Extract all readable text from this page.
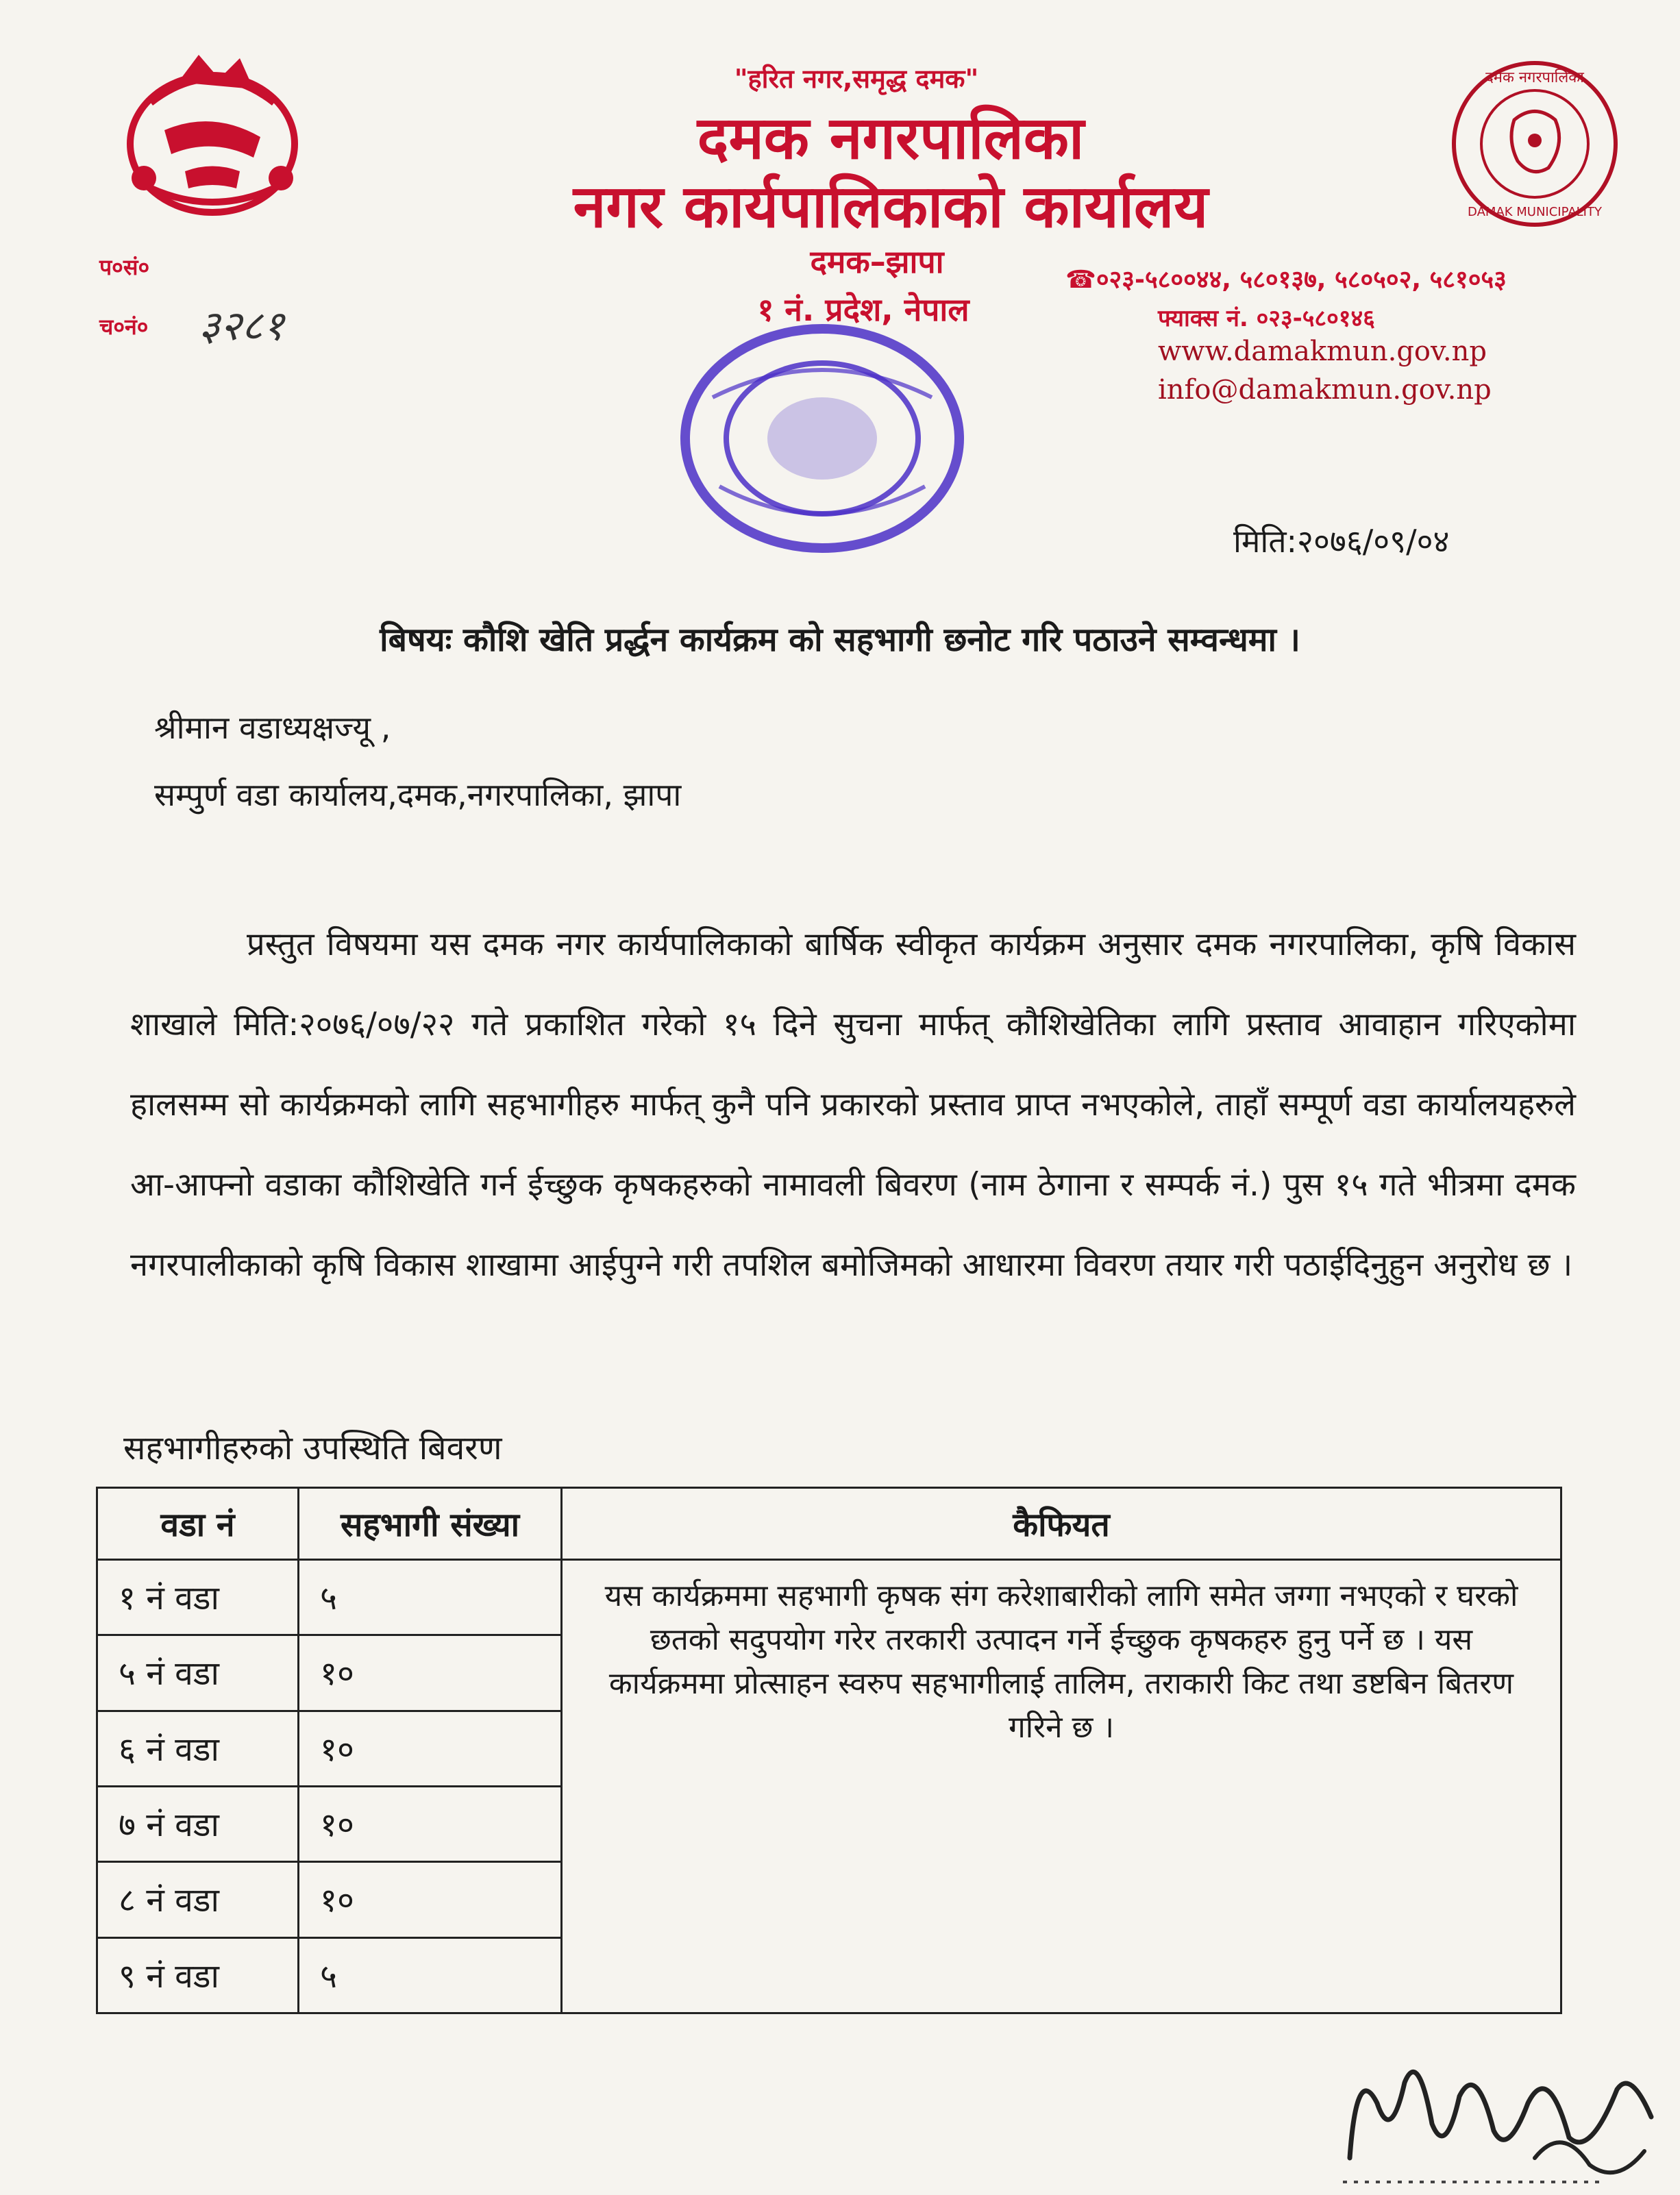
दमक नगरपालिका
DAMAK MUNICIPALITY
"हरित नगर,समृद्ध दमक"
दमक नगरपालिका
नगर कार्यपालिकाको कार्यालय
दमक–झापा
१ नं. प्रदेश, नेपाल
प०सं०
च०नं० ३२८१
☎०२३-५८००४४, ५८०१३७, ५८०५०२, ५८१०५३
फ्याक्स नं. ०२३-५८०१४६
www.damakmun.gov.np
info@damakmun.gov.np
मिति:२०७६/०९/०४
बिषयः कौशि खेति प्रर्द्धन कार्यक्रम को सहभागी छनोट गरि पठाउने सम्वन्धमा ।
श्रीमान वडाध्यक्षज्यू ,
सम्पुर्ण वडा कार्यालय,दमक,नगरपालिका, झापा
प्रस्तुत विषयमा यस दमक नगर कार्यपालिकाको बार्षिक स्वीकृत कार्यक्रम अनुसार दमक नगरपालिका, कृषि विकास शाखाले मिति:२०७६/०७/२२ गते प्रकाशित गरेको १५ दिने सुचना मार्फत् कौशिखेतिका लागि प्रस्ताव आवाहान गरिएकोमा हालसम्म सो कार्यक्रमको लागि सहभागीहरु मार्फत् कुनै पनि प्रकारको प्रस्ताव प्राप्त नभएकोले, ताहाँ सम्पूर्ण वडा कार्यालयहरुले आ-आफ्नो वडाका कौशिखेति गर्न ईच्छुक कृषकहरुको नामावली बिवरण (नाम ठेगाना र सम्पर्क नं.) पुस १५ गते भीत्रमा दमक नगरपालीकाको कृषि विकास शाखामा आईपुग्ने गरी तपशिल बमोजिमको आधारमा विवरण तयार गरी पठाईदिनुहुन अनुरोध छ ।
सहभागीहरुको उपस्थिति बिवरण
वडा नं	सहभागी संख्या	कैफियत
१ नं वडा	५	यस कार्यक्रममा सहभागी कृषक संग करेशाबारीको लागि समेत जग्गा नभएको र घरको छतको सदुपयोग गरेर तरकारी उत्पादन गर्ने ईच्छुक कृषकहरु हुनु पर्ने छ । यस कार्यक्रममा प्रोत्साहन स्वरुप सहभागीलाई तालिम, तराकारी किट तथा डष्टबिन बितरण गरिने छ ।
५ नं वडा	१०	
६ नं वडा	१०	
७ नं वडा	१०	
८ नं वडा	१०	
९ नं वडा	५	
